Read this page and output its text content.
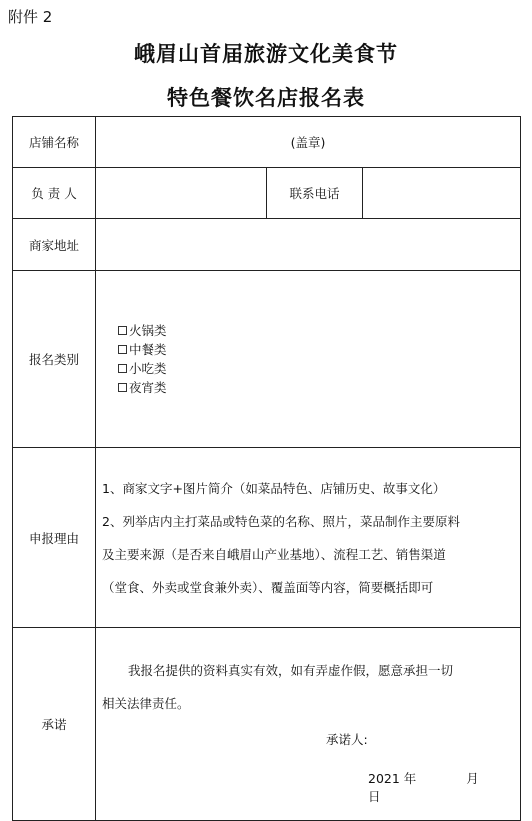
附件 2
峨眉山首届旅游文化美食节
特色餐饮名店报名表
店铺名称	(盖章)		
负 责 人		联系电话	
商家地址			
报名类别	火锅类
中餐类
小吃类
夜宵类		

申报理由	1、商家文字+图片简介（如菜品特色、店铺历史、故事文化）

2、列举店内主打菜品或特色菜的名称、照片，菜品制作主要原料

及主要来源（是否来自峨眉山产业基地）、流程工艺、销售渠道

（堂食、外卖或堂食兼外卖）、覆盖面等内容，简要概括即可		

承诺	我报名提供的资料真实有效，如有弄虚作假，愿意承担一切

相关法律责任。

承诺人:
2021 年 月  日		
